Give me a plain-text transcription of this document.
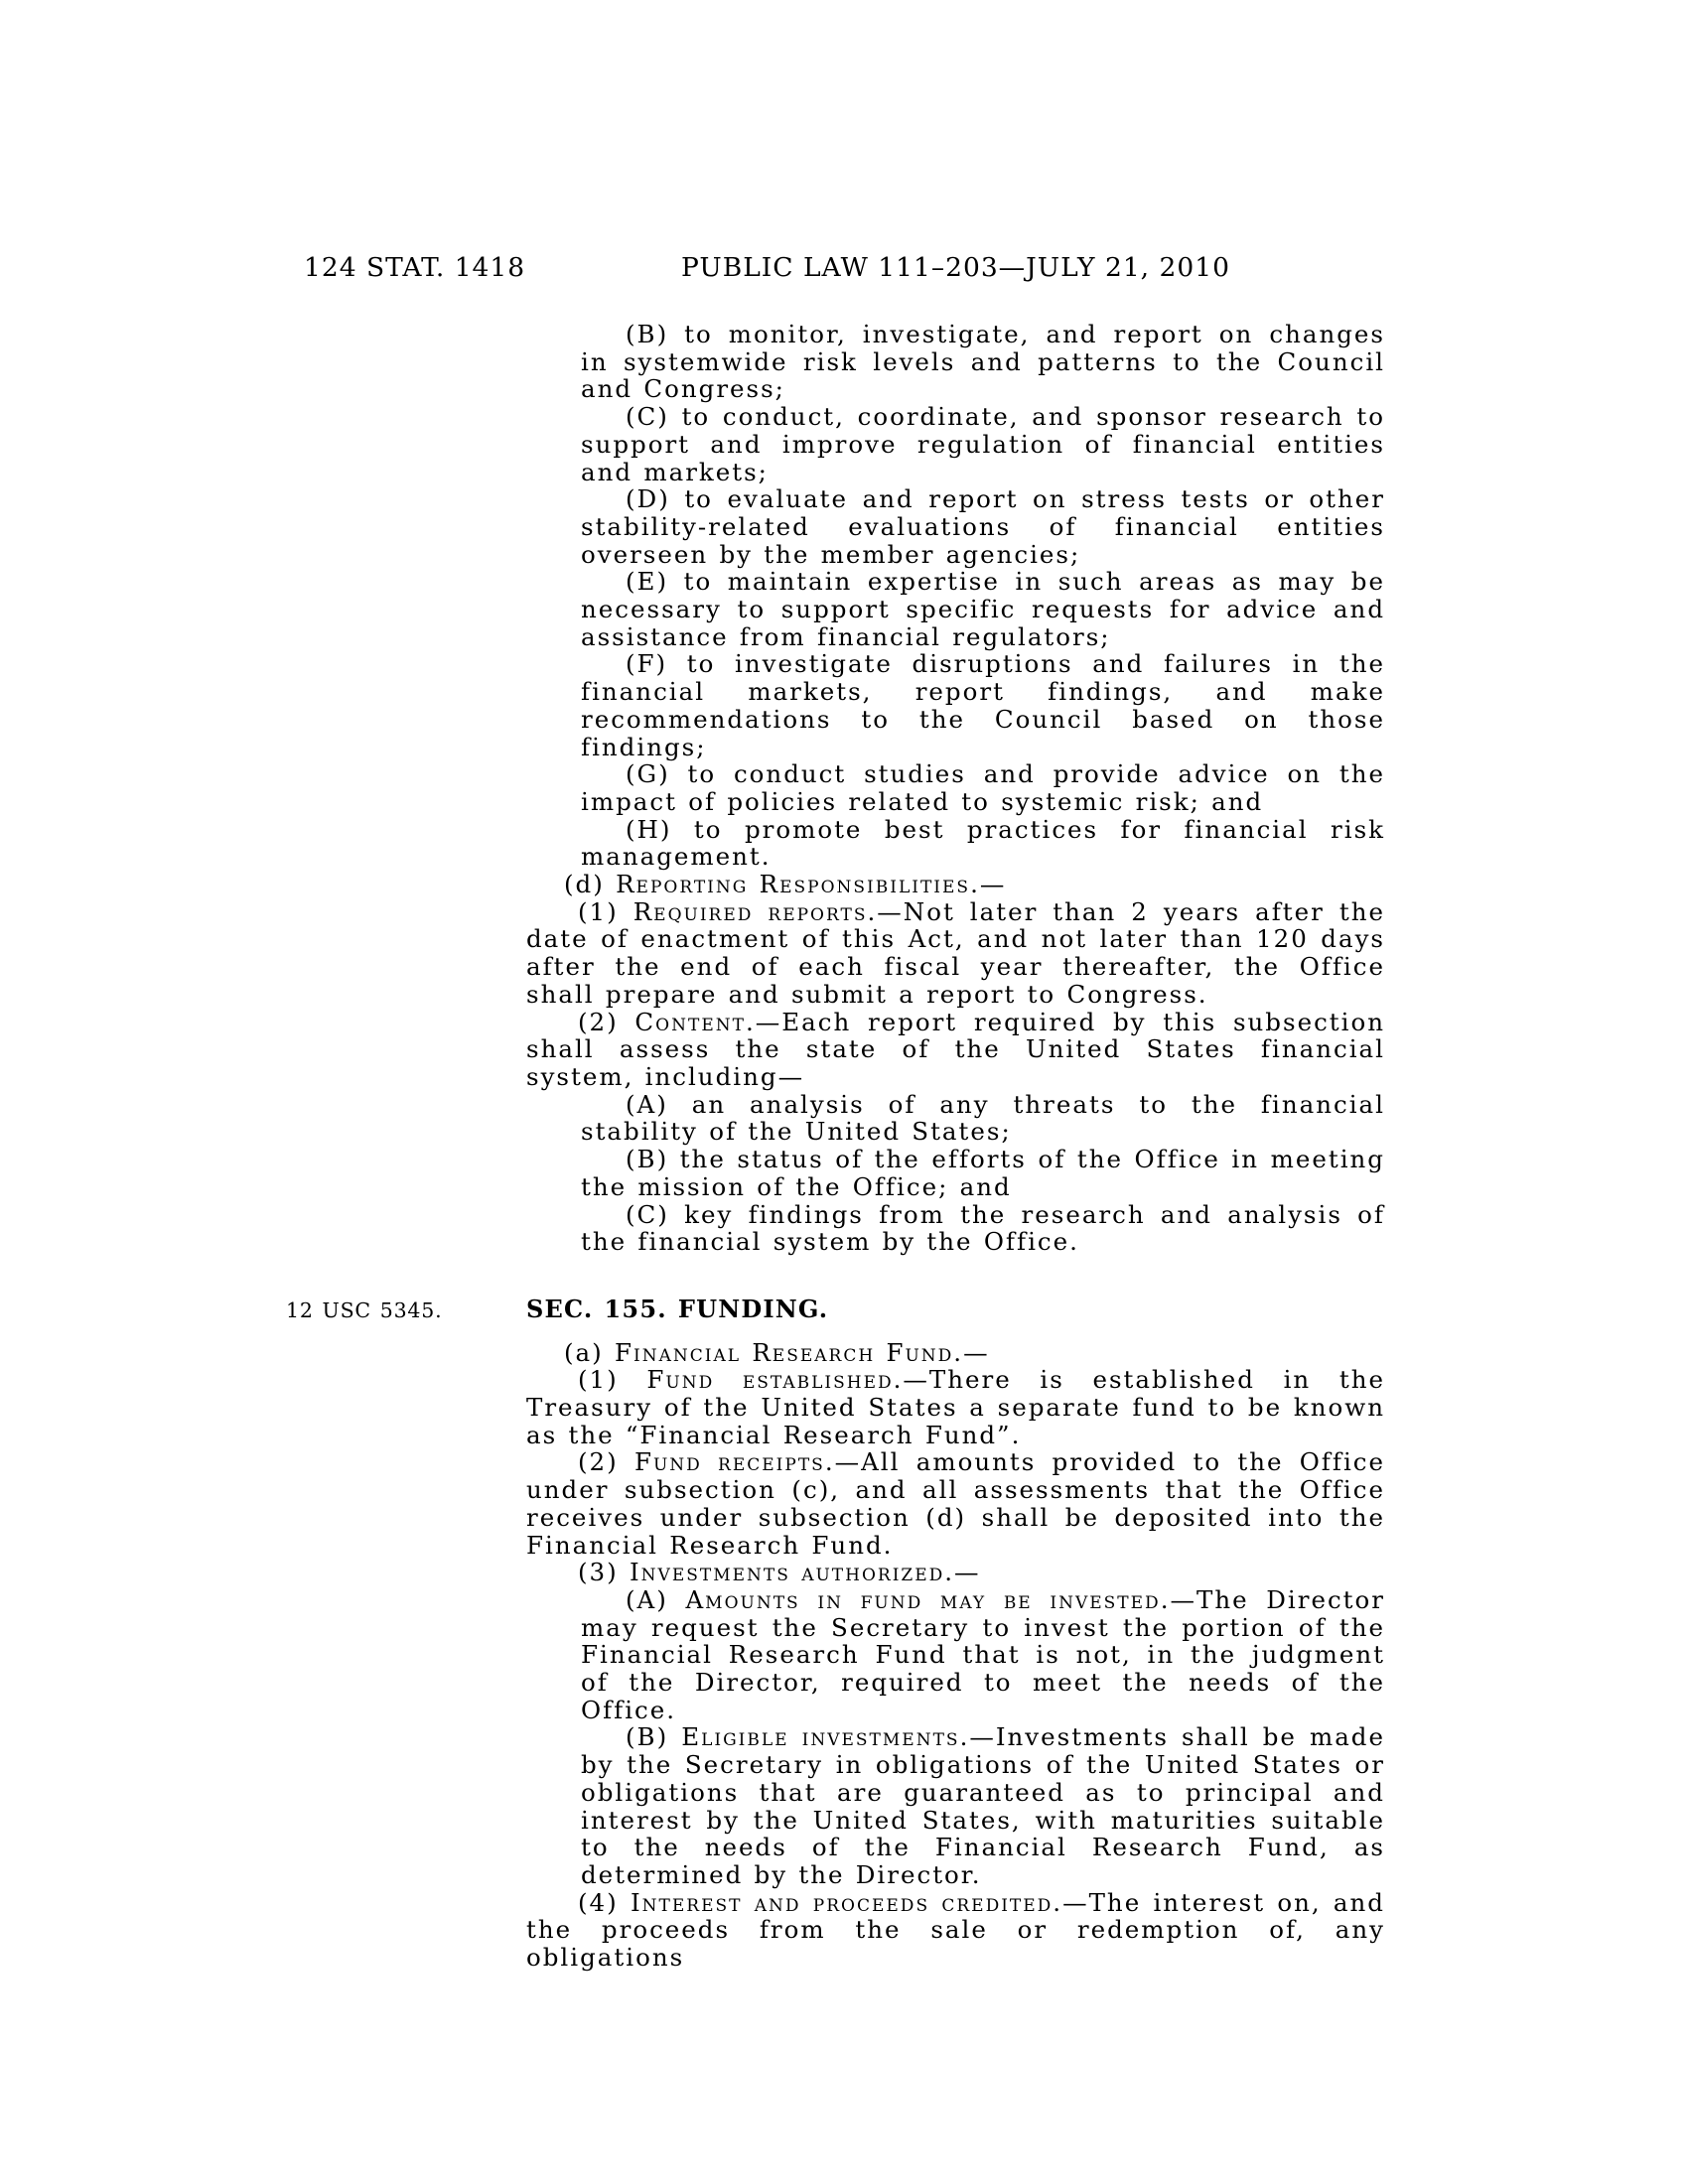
124 STAT. 1418	PUBLIC LAW 111–203—JULY 21, 2010

(B) to monitor, investigate, and report on changes in systemwide risk levels and patterns to the Council and Congress;

(C) to conduct, coordinate, and sponsor research to support and improve regulation of financial entities and markets;

(D) to evaluate and report on stress tests or other stability-related evaluations of financial entities overseen by the member agencies;

(E) to maintain expertise in such areas as may be necessary to support specific requests for advice and assistance from financial regulators;

(F) to investigate disruptions and failures in the financial markets, report findings, and make recommendations to the Council based on those findings;

(G) to conduct studies and provide advice on the impact of policies related to systemic risk; and

(H) to promote best practices for financial risk management.

(d) Reporting Responsibilities.—

(1) Required reports.—Not later than 2 years after the date of enactment of this Act, and not later than 120 days after the end of each fiscal year thereafter, the Office shall prepare and submit a report to Congress.

(2) Content.—Each report required by this subsection shall assess the state of the United States financial system, including—

(A) an analysis of any threats to the financial stability of the United States;

(B) the status of the efforts of the Office in meeting the mission of the Office; and

(C) key findings from the research and analysis of the financial system by the Office.

SEC. 155. FUNDING.
12 USC 5345.

(a) Financial Research Fund.—

(1) Fund established.—There is established in the Treasury of the United States a separate fund to be known as the “Financial Research Fund”.

(2) Fund receipts.—All amounts provided to the Office under subsection (c), and all assessments that the Office receives under subsection (d) shall be deposited into the Financial Research Fund.

(3) Investments authorized.—

(A) Amounts in fund may be invested.—The Director may request the Secretary to invest the portion of the Financial Research Fund that is not, in the judgment of the Director, required to meet the needs of the Office.

(B) Eligible investments.—Investments shall be made by the Secretary in obligations of the United States or obligations that are guaranteed as to principal and interest by the United States, with maturities suitable to the needs of the Financial Research Fund, as determined by the Director.

(4) Interest and proceeds credited.—The interest on, and the proceeds from the sale or redemption of, any obligations
